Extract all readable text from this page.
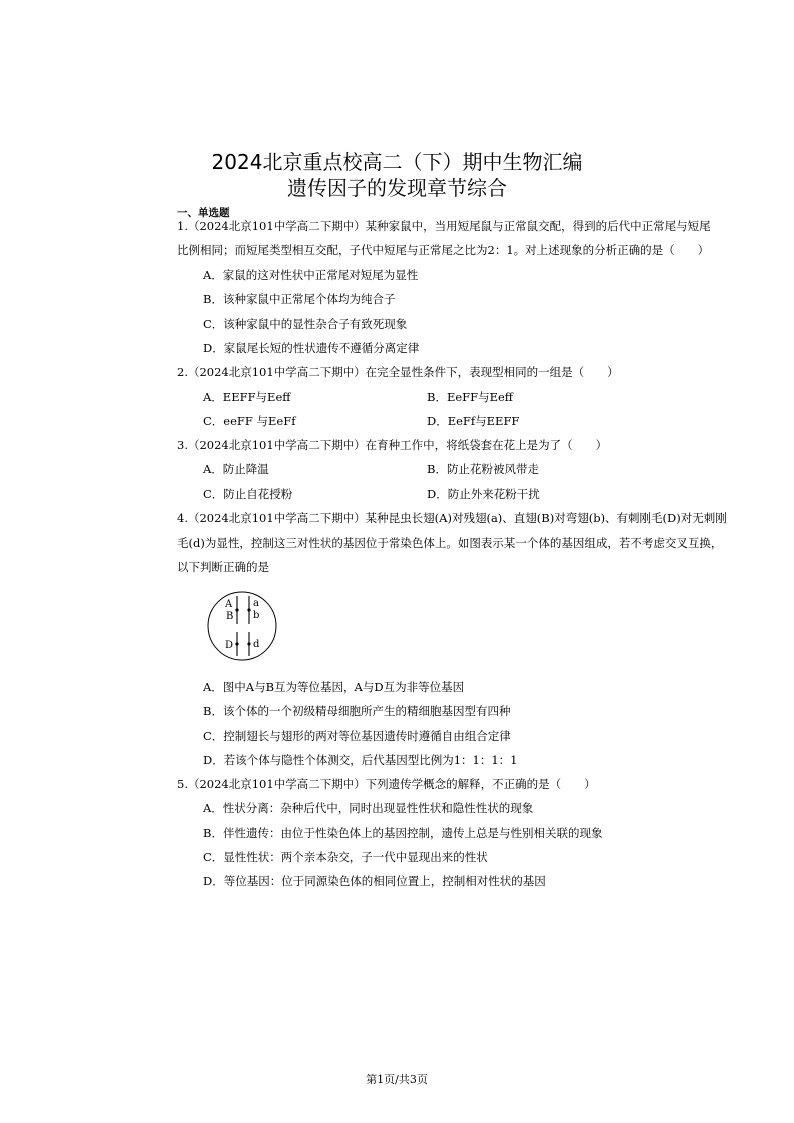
2024北京重点校高二（下）期中生物汇编
遗传因子的发现章节综合
一、单选题
1.（2024北京101中学高二下期中）某种家鼠中，当用短尾鼠与正常鼠交配，得到的后代中正常尾与短尾
比例相同；而短尾类型相互交配，子代中短尾与正常尾之比为2：1。对上述现象的分析正确的是（　　）
A．家鼠的这对性状中正常尾对短尾为显性
B．该种家鼠中正常尾个体均为纯合子
C．该种家鼠中的显性杂合子有致死现象
D．家鼠尾长短的性状遗传不遵循分离定律
2.（2024北京101中学高二下期中）在完全显性条件下，表现型相同的一组是（　　）
A．EEFF与Eeff	B．EeFF与Eeff
C．eeFF 与EeFf	D．EeFf与EEFF
3.（2024北京101中学高二下期中）在育种工作中，将纸袋套在花上是为了（　　）
A．防止降温	B．防止花粉被风带走
C．防止自花授粉	D．防止外来花粉干扰
4.（2024北京101中学高二下期中）某种昆虫长翅(A)对残翅(a)、直翅(B)对弯翅(b)、有刺刚毛(D)对无刺刚
毛(d)为显性，控制这三对性状的基因位于常染色体上。如图表示某一个体的基因组成，若不考虑交叉互换，
以下判断正确的是
A
B
a
b
D d
A．图中A与B互为等位基因，A与D互为非等位基因
B．该个体的一个初级精母细胞所产生的精细胞基因型有四种
C．控制翅长与翅形的两对等位基因遗传时遵循自由组合定律
D．若该个体与隐性个体测交，后代基因型比例为1：1：1：1
5.（2024北京101中学高二下期中）下列遗传学概念的解释，不正确的是（　　）
A．性状分离：杂种后代中，同时出现显性性状和隐性性状的现象
B．伴性遗传：由位于性染色体上的基因控制，遗传上总是与性别相关联的现象
C．显性性状：两个亲本杂交，子一代中显现出来的性状
D．等位基因：位于同源染色体的相同位置上，控制相对性状的基因
第1页/共3页
